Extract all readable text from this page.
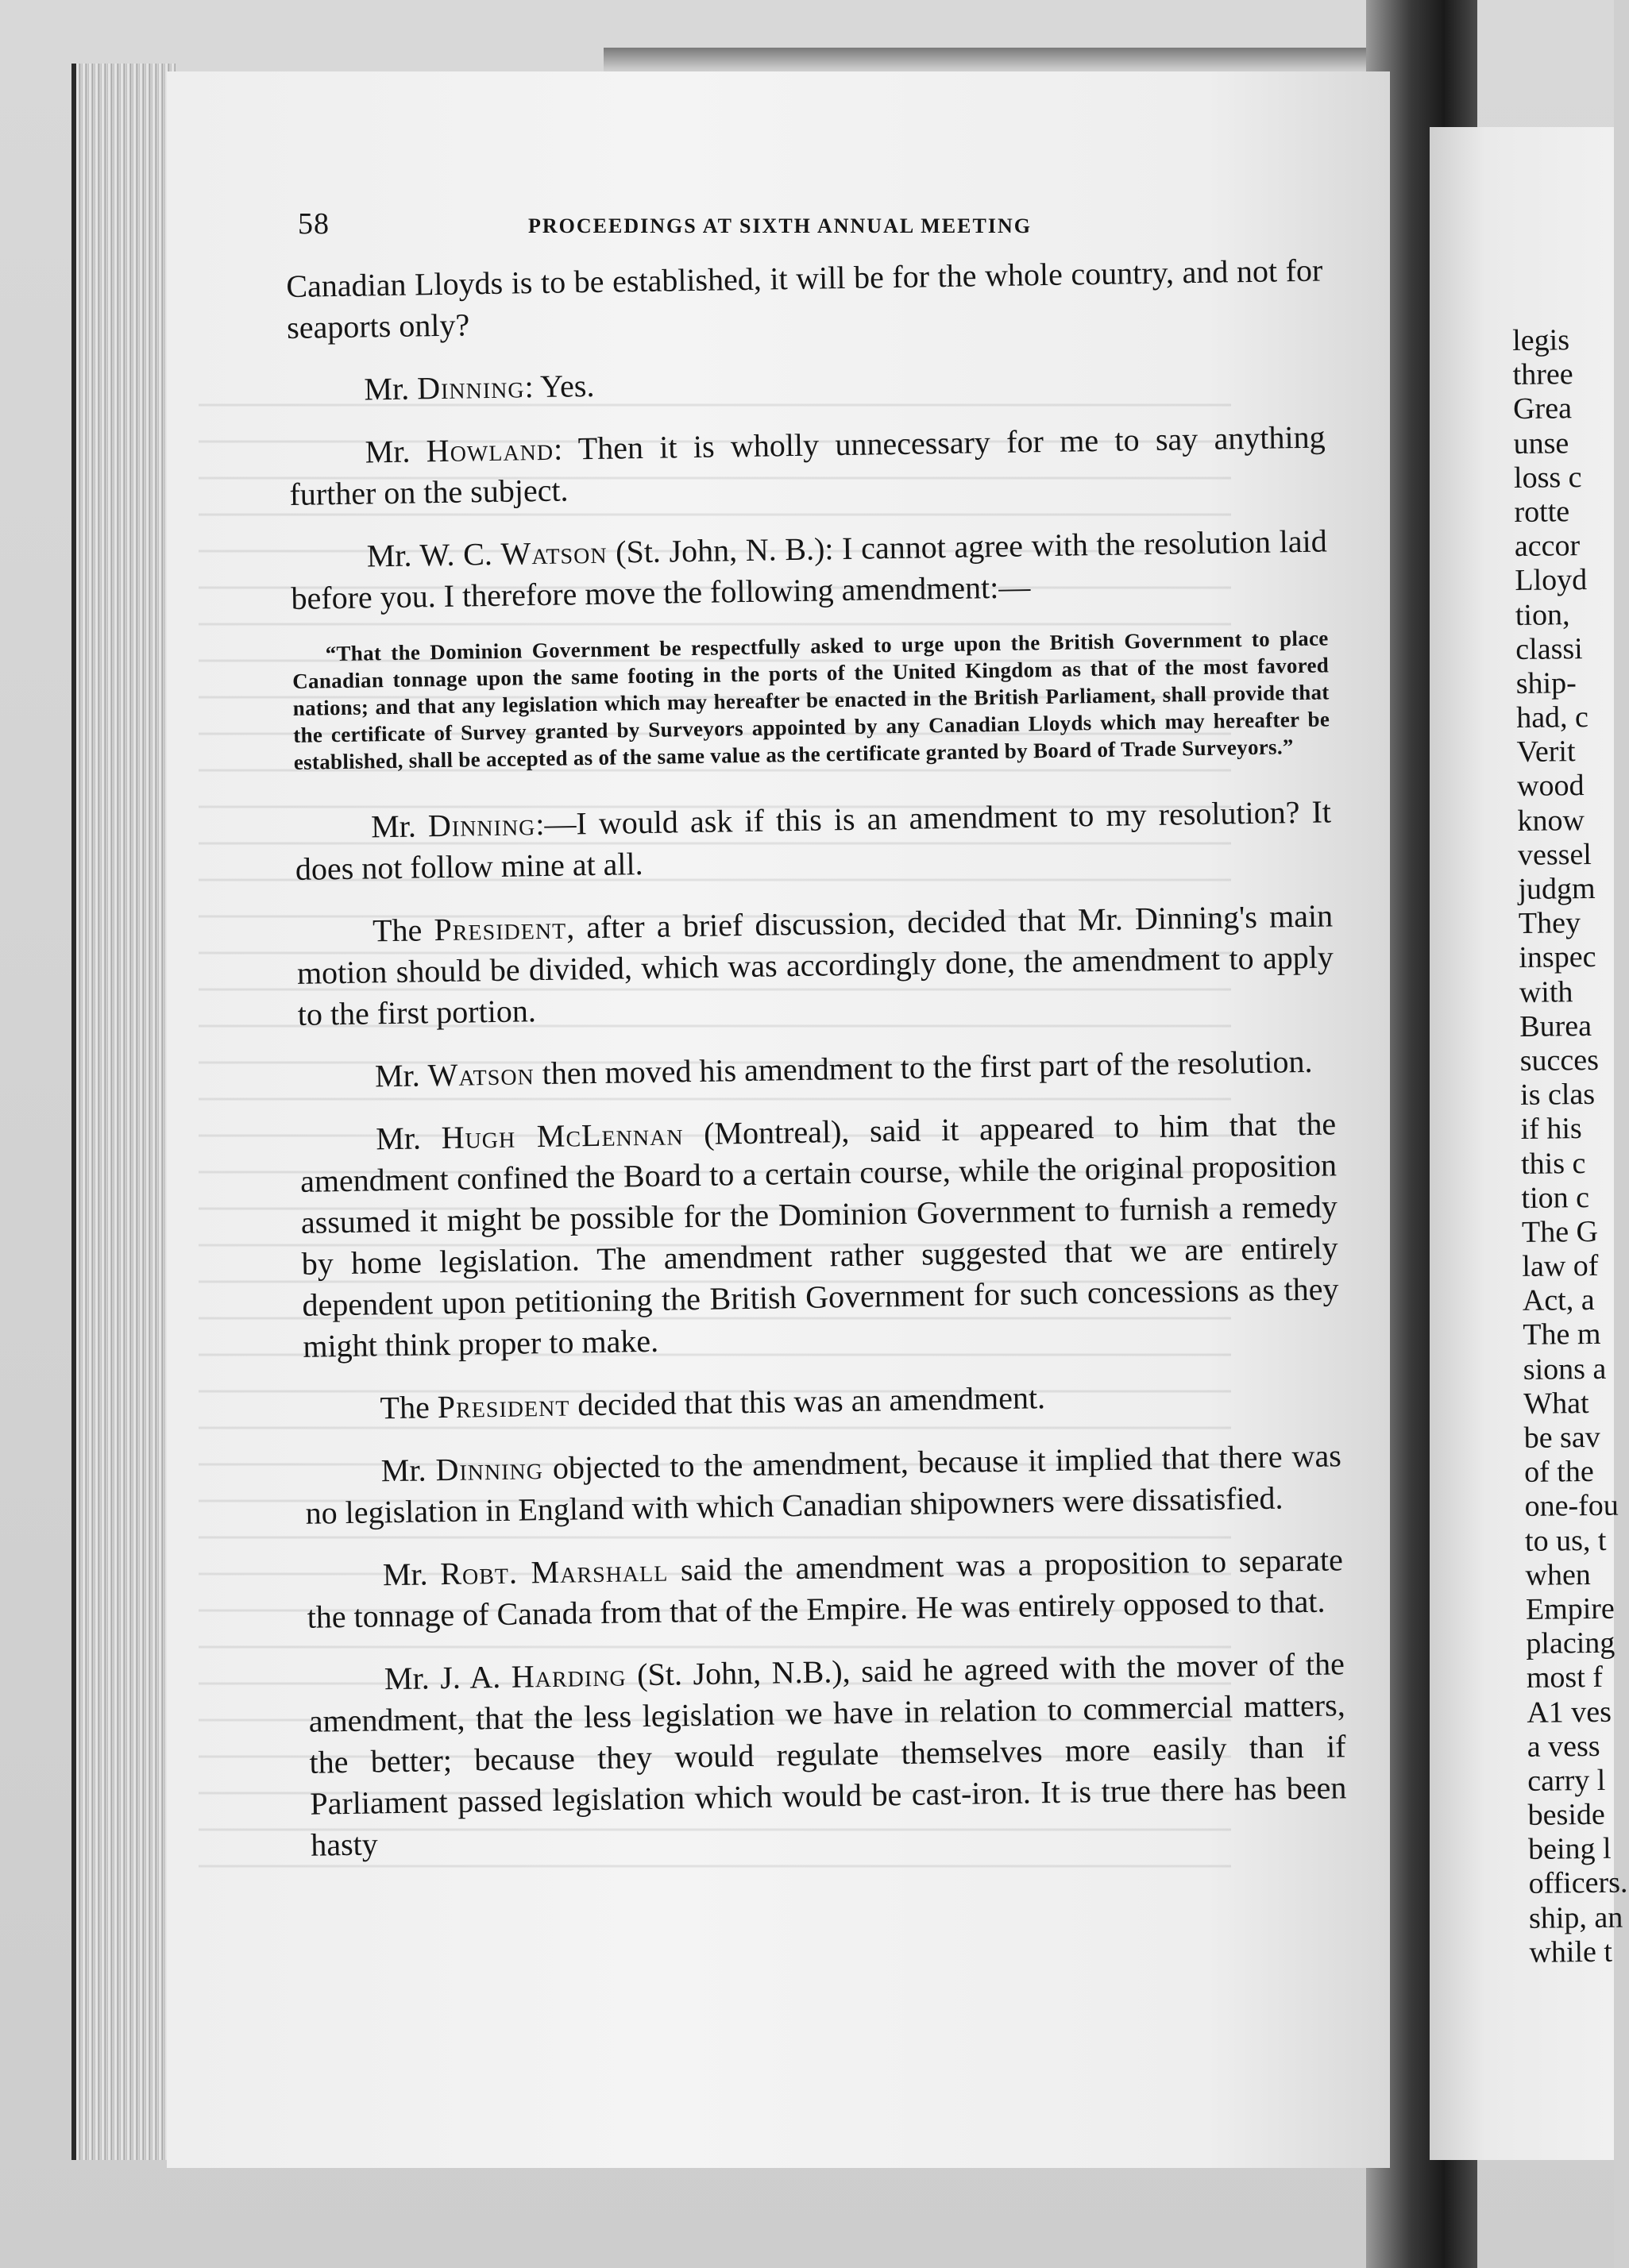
58	PROCEEDINGS AT SIXTH ANNUAL MEETING

Canadian Lloyds is to be established, it will be for the whole country, and not for seaports only?

Mr. Dinning: Yes.

Mr. Howland: Then it is wholly unnecessary for me to say anything further on the subject.

Mr. W. C. Watson (St. John, N. B.): I cannot agree with the resolution laid before you. I therefore move the following amendment:—

“That the Dominion Government be respectfully asked to urge upon the British Government to place Canadian tonnage upon the same footing in the ports of the United Kingdom as that of the most favored nations; and that any legislation which may hereafter be enacted in the British Parliament, shall provide that the certificate of Survey granted by Surveyors appointed by any Canadian Lloyds which may hereafter be established, shall be accepted as of the same value as the certificate granted by Board of Trade Surveyors.”

Mr. Dinning:—I would ask if this is an amendment to my resolution? It does not follow mine at all.

The President, after a brief discussion, decided that Mr. Dinning's main motion should be divided, which was accordingly done, the amendment to apply to the first portion.

Mr. Watson then moved his amendment to the first part of the resolution.

Mr. Hugh McLennan (Montreal), said it appeared to him that the amendment confined the Board to a certain course, while the original proposition assumed it might be possible for the Dominion Government to furnish a remedy by home legislation. The amendment rather suggested that we are entirely dependent upon petitioning the British Government for such concessions as they might think proper to make.

The President decided that this was an amendment.

Mr. Dinning objected to the amendment, because it implied that there was no legislation in England with which Canadian shipowners were dissatisfied.

Mr. Robt. Marshall said the amendment was a proposition to separate the tonnage of Canada from that of the Empire. He was entirely opposed to that.

Mr. J. A. Harding (St. John, N.B.), said he agreed with the mover of the amendment, that the less legislation we have in relation to commercial matters, the better; because they would regulate themselves more easily than if Parliament passed legislation which would be cast-iron. It is true there has been hasty

legis
three
Grea
unse
loss c
rotte
accor
Lloyd
tion,
classi
ship-
had, c
Verit
wood
know
vessel
judgm
They
inspec
with
Burea
succes
is clas
if his
this c
tion c
The G
law of
Act, a
The m
sions a
What
be sav
of the
one-fou
to us, t
when
Empire
placing
most f
A1 ves
a vess
carry l
beside
being l
officers.
ship, an
while t
